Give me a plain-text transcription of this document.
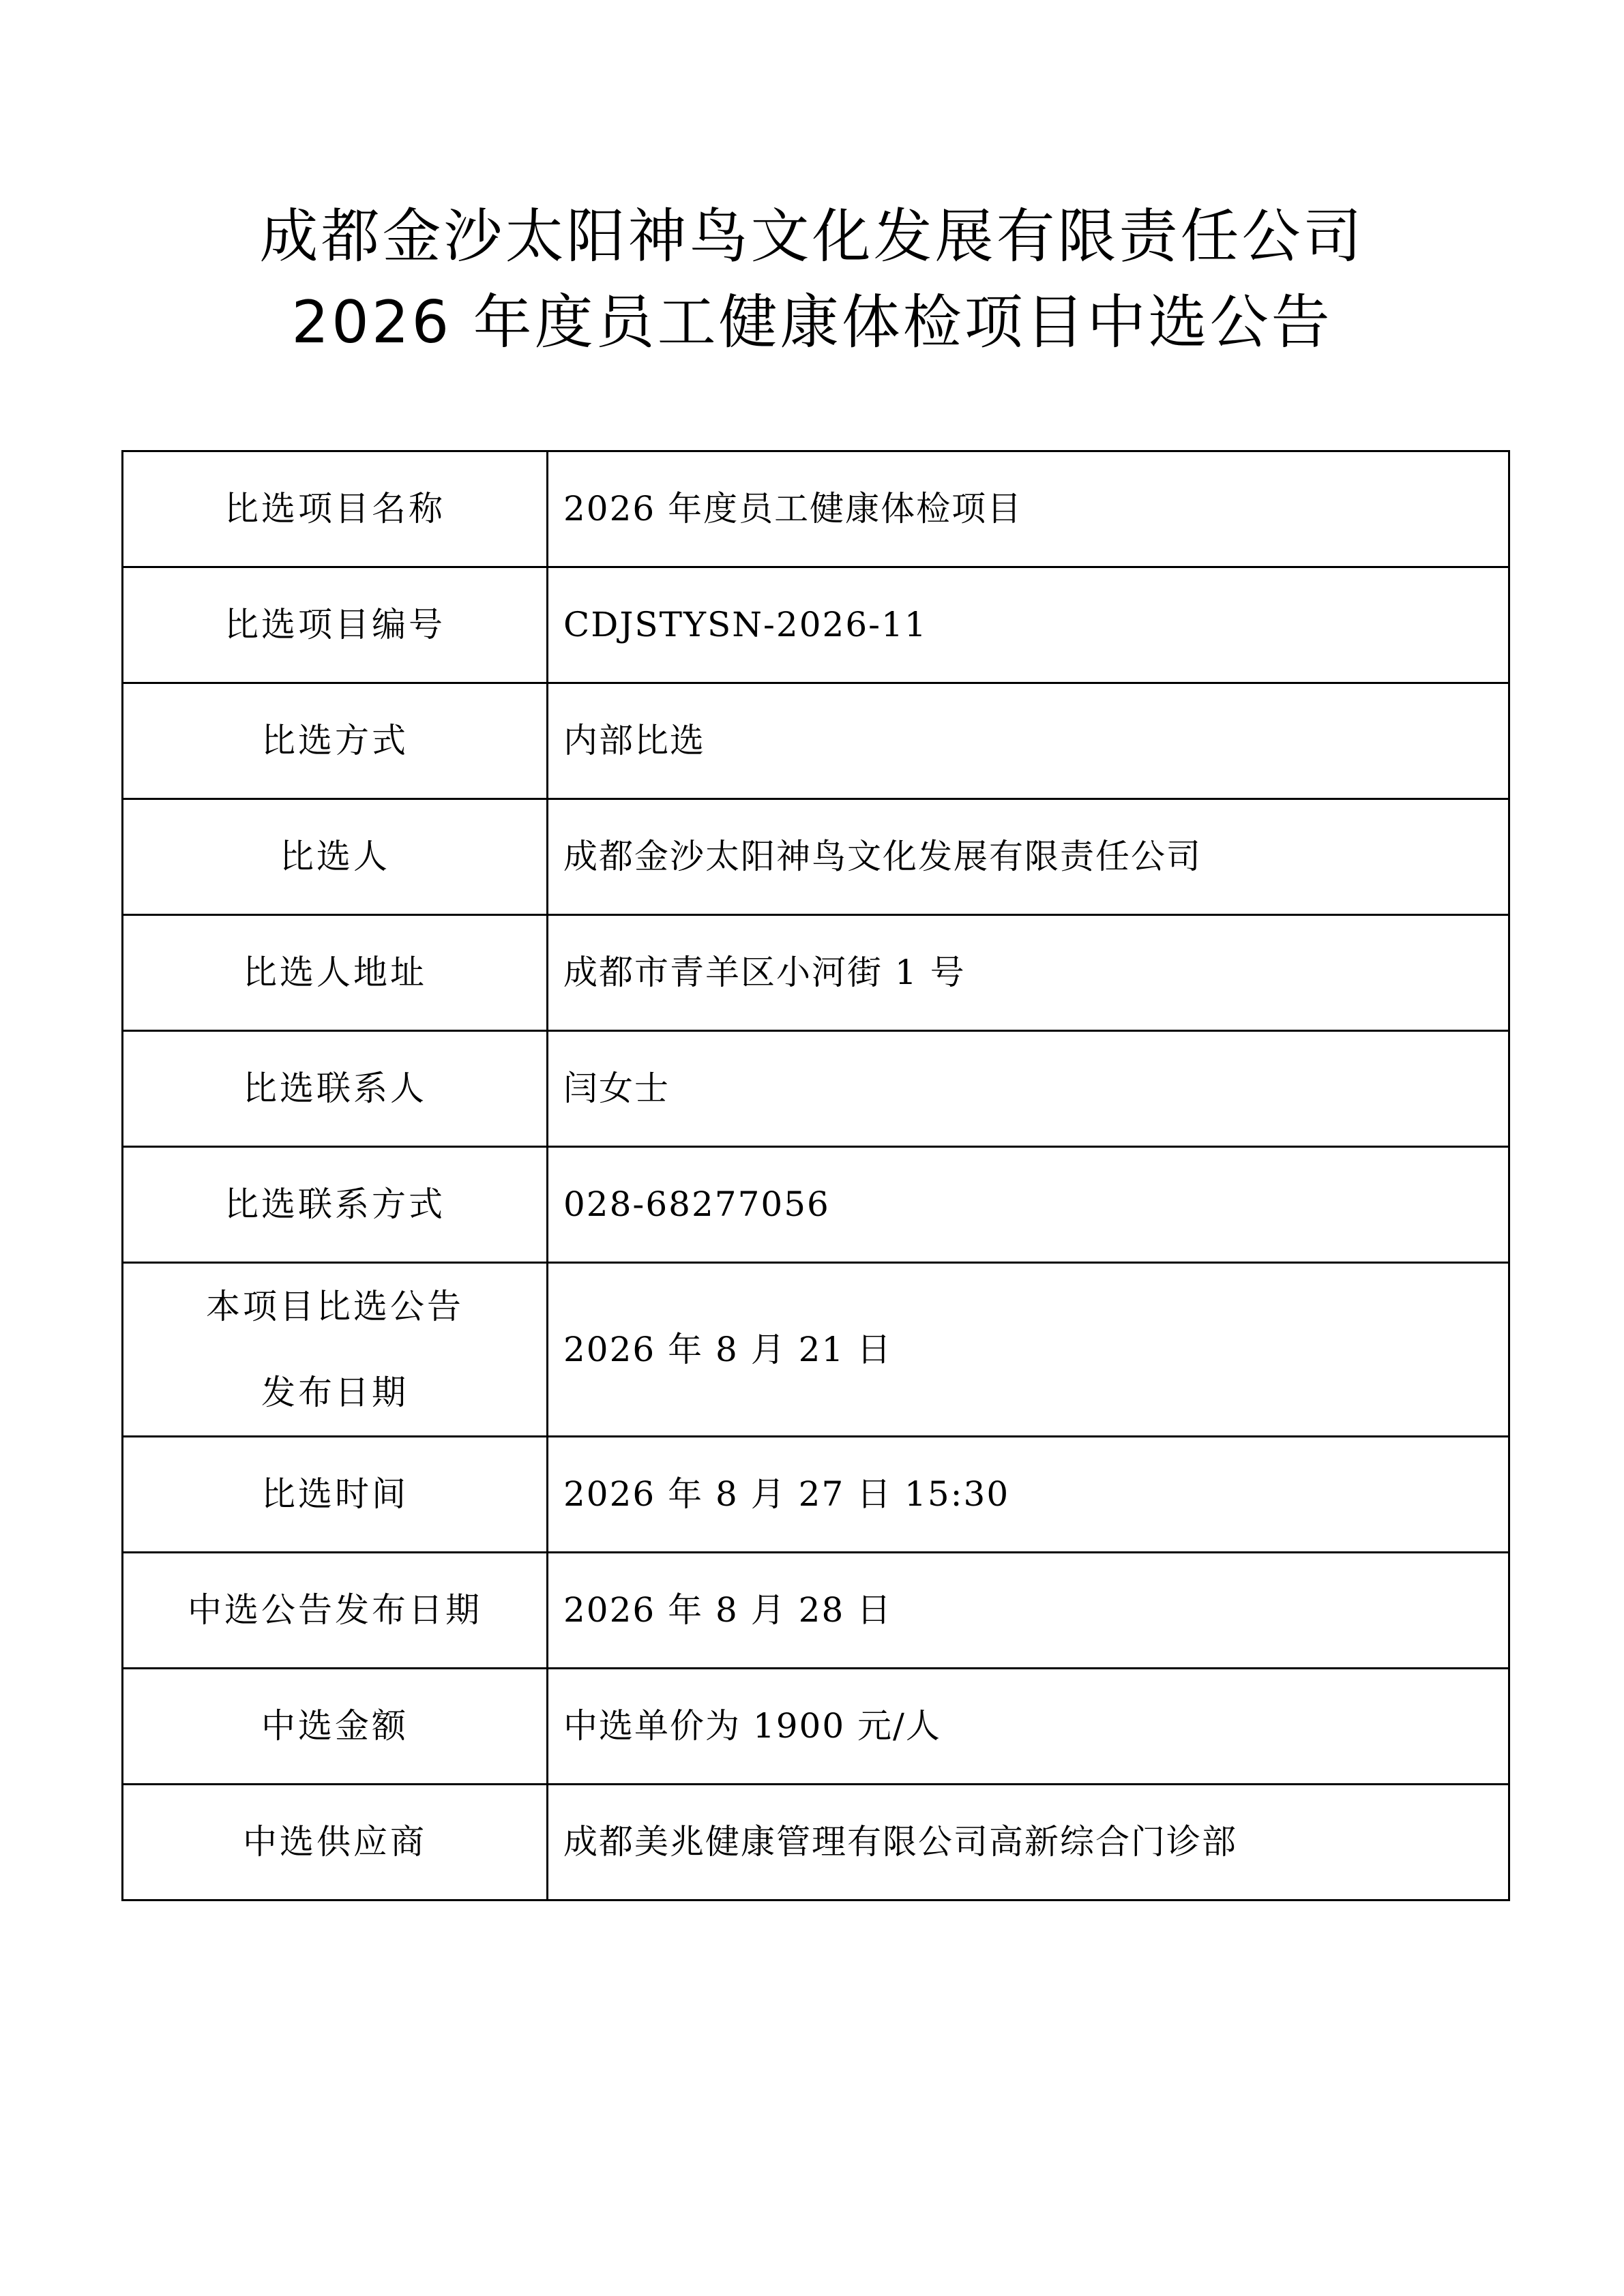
成都金沙太阳神鸟文化发展有限责任公司
2026 年度员工健康体检项目中选公告
比选项目名称	2026 年度员工健康体检项目
比选项目编号	CDJSTYSN-2026-11
比选方式	内部比选
比选人	成都金沙太阳神鸟文化发展有限责任公司
比选人地址	成都市青羊区小河街 1 号
比选联系人	闫女士
比选联系方式	028-68277056

本项目比选公告
发布日期	2026 年 8 月 21 日
比选时间	2026 年 8 月 27 日 15:30
中选公告发布日期	2026 年 8 月 28 日
中选金额	中选单价为 1900 元/人
中选供应商	成都美兆健康管理有限公司高新综合门诊部
